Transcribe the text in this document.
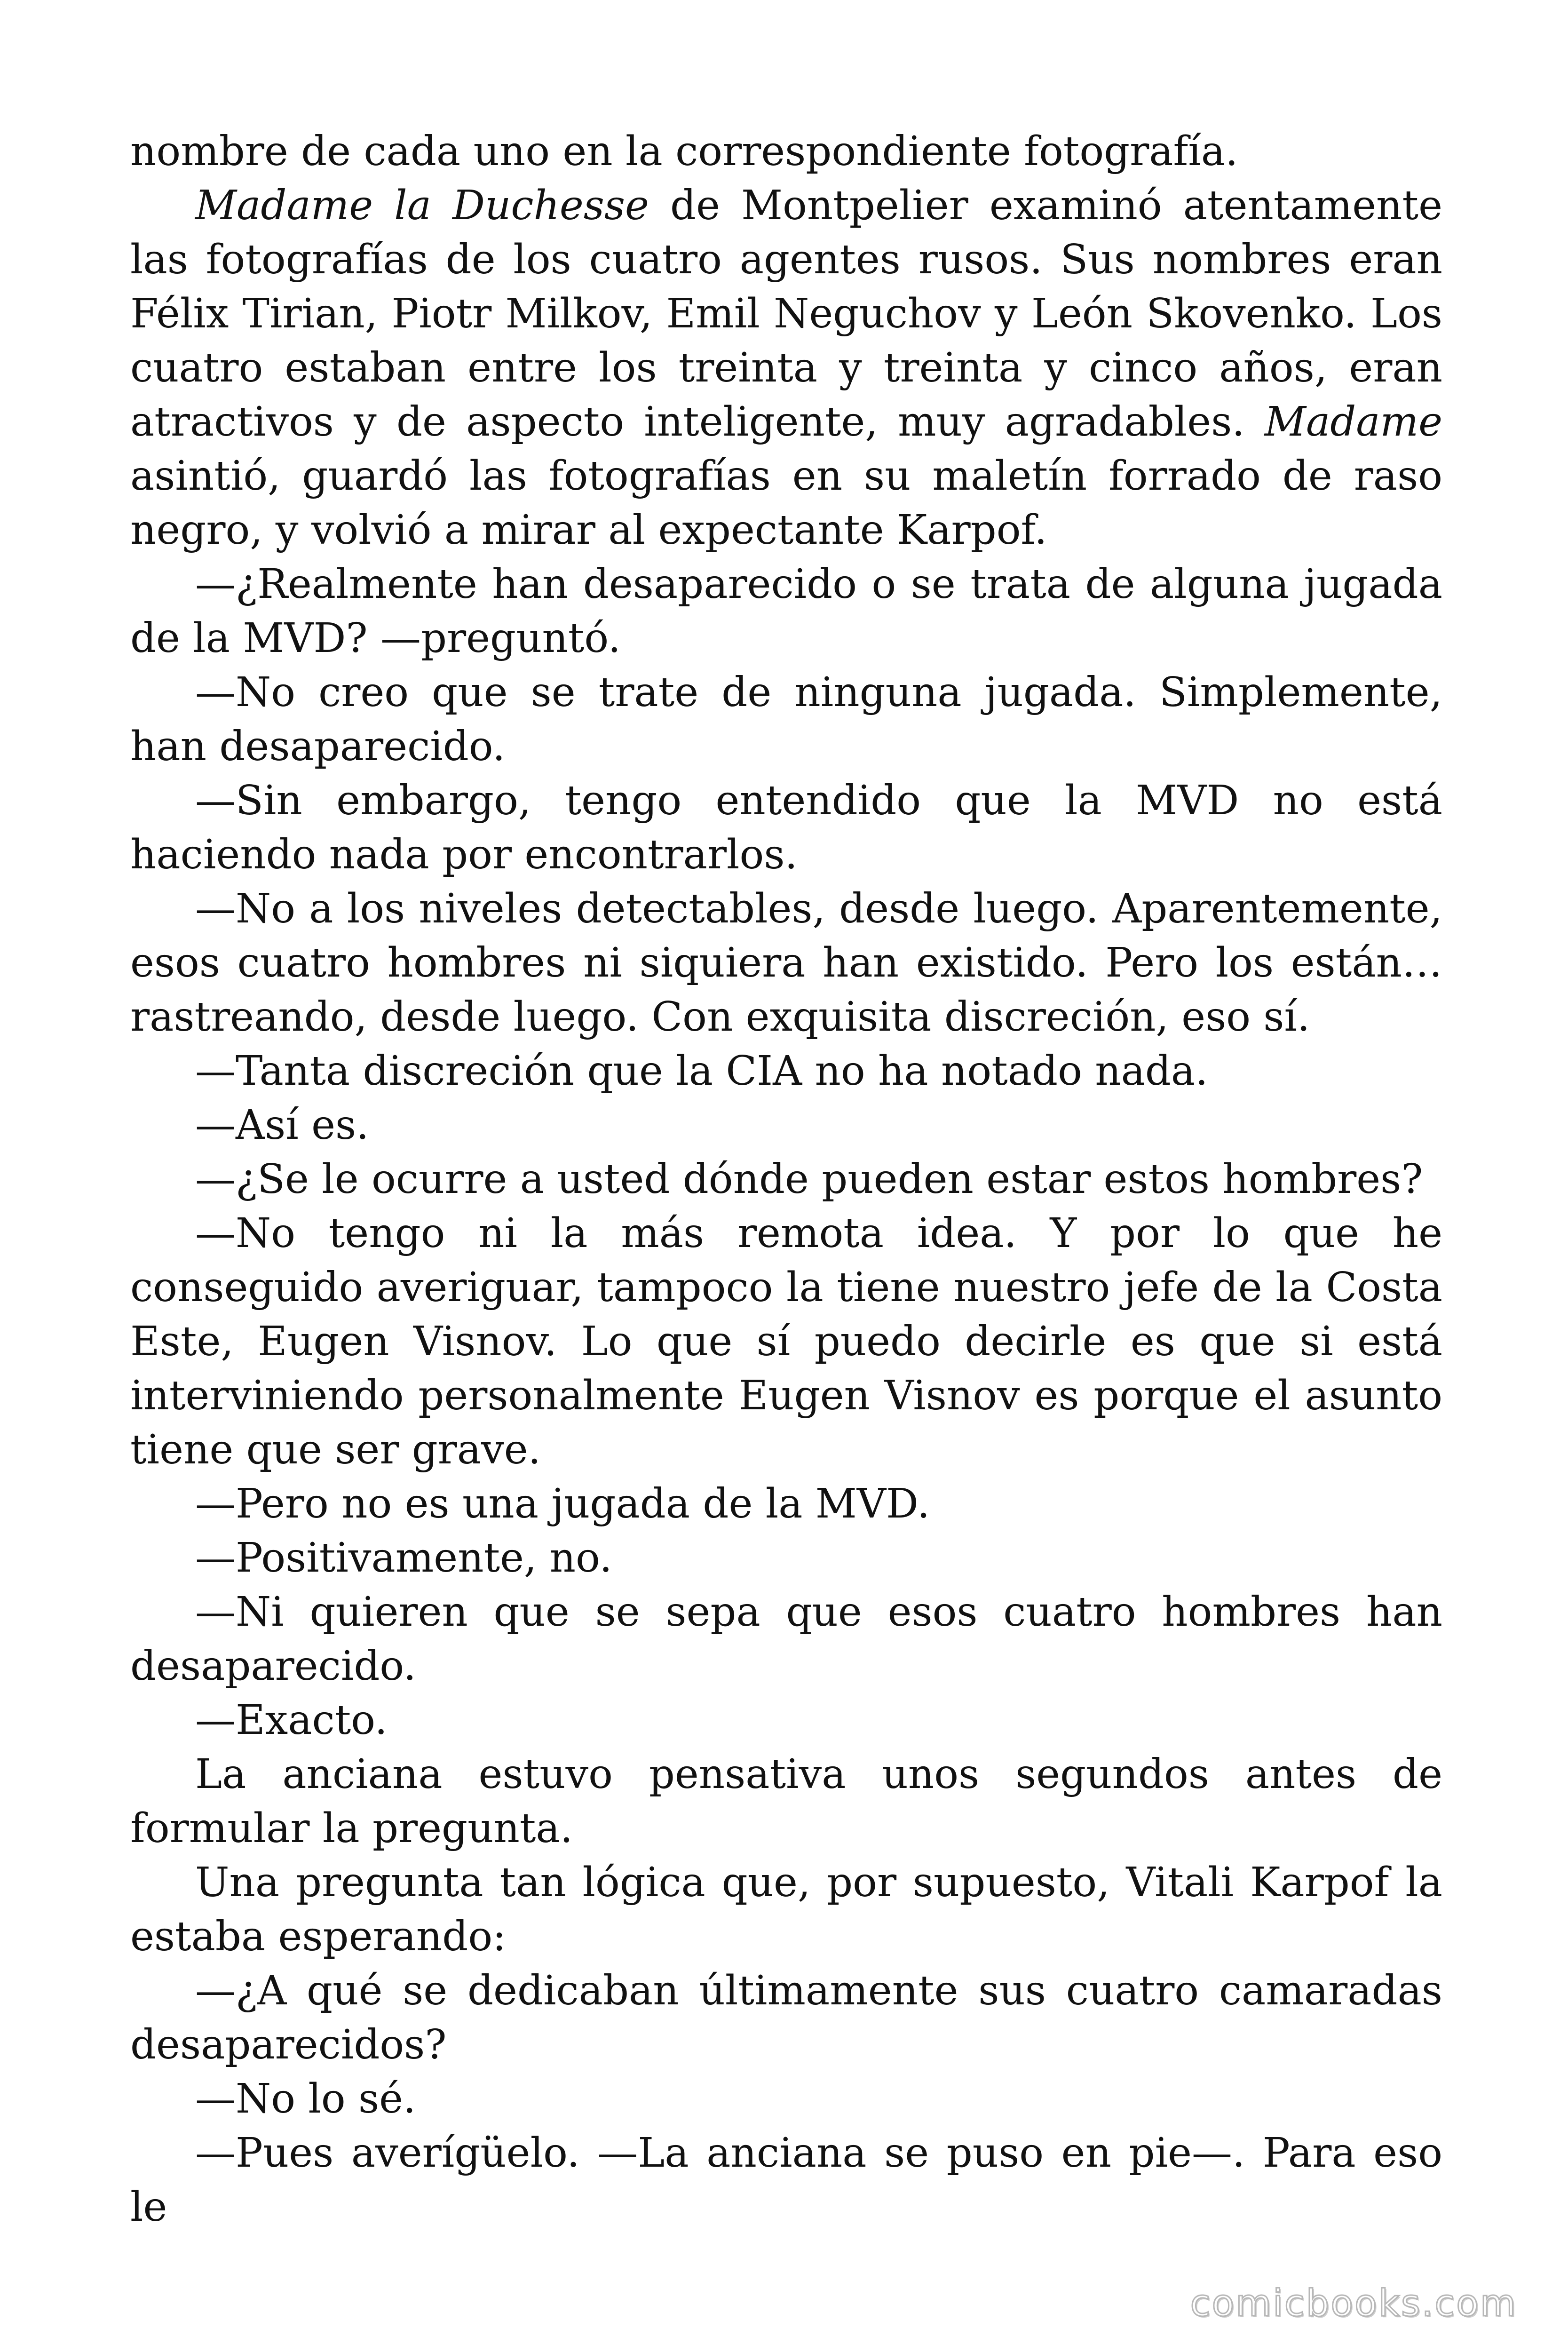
nombre de cada uno en la correspondiente fotografía.

Madame la Duchesse de Montpelier examinó atentamente las fotografías de los cuatro agentes rusos. Sus nombres eran Félix Tirian, Piotr Milkov, Emil Neguchov y León Skovenko. Los cuatro estaban entre los treinta y treinta y cinco años, eran atractivos y de aspecto inteligente, muy agradables. Madame asintió, guardó las fotografías en su maletín forrado de raso negro, y volvió a mirar al expectante Karpof.

—¿Realmente han desaparecido o se trata de alguna jugada de la MVD? —preguntó.

—No creo que se trate de ninguna jugada. Simplemente, han desaparecido.

—Sin embargo, tengo entendido que la MVD no está haciendo nada por encontrarlos.

—No a los niveles detectables, desde luego. Aparentemente, esos cuatro hombres ni siquiera han existido. Pero los están… rastreando, desde luego. Con exquisita discreción, eso sí.

—Tanta discreción que la CIA no ha notado nada.

—Así es.

—¿Se le ocurre a usted dónde pueden estar estos hombres?

—No tengo ni la más remota idea. Y por lo que he conseguido averiguar, tampoco la tiene nuestro jefe de la Costa Este, Eugen Visnov. Lo que sí puedo decirle es que si está interviniendo personalmente Eugen Visnov es porque el asunto tiene que ser grave.

—Pero no es una jugada de la MVD.

—Positivamente, no.

—Ni quieren que se sepa que esos cuatro hombres han desaparecido.

—Exacto.

La anciana estuvo pensativa unos segundos antes de formular la pregunta.

Una pregunta tan lógica que, por supuesto, Vitali Karpof la estaba esperando:

—¿A qué se dedicaban últimamente sus cuatro camaradas desaparecidos?

—No lo sé.

—Pues averígüelo. —La anciana se puso en pie—. Para eso le

comicbooks.com
